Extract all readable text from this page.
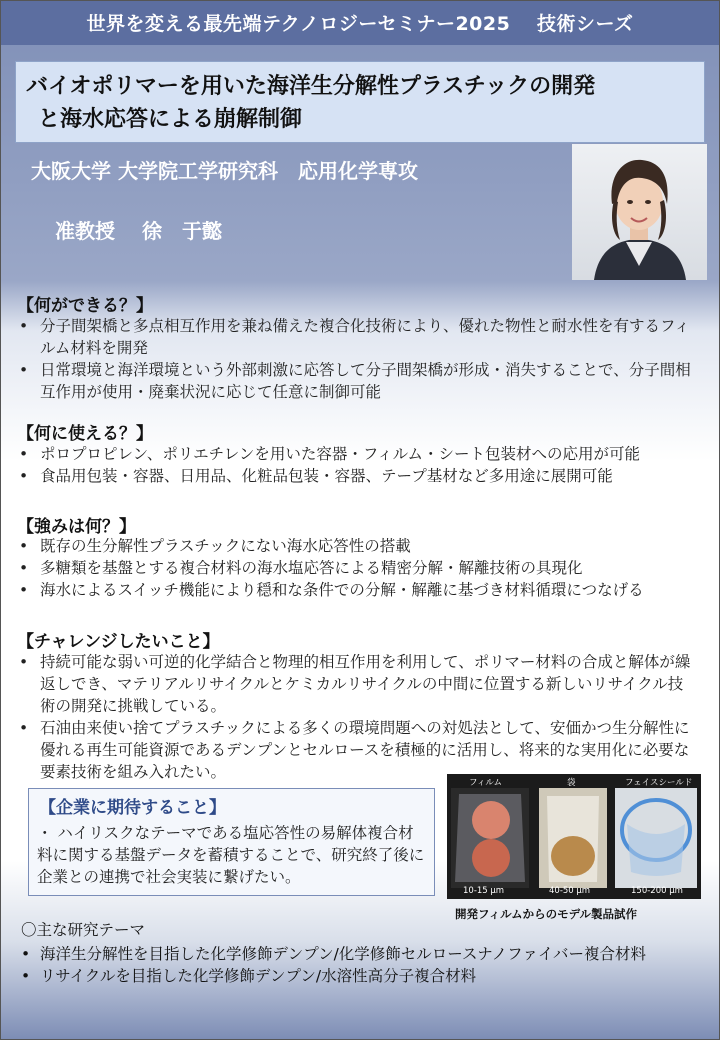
世界を変える最先端テクノロジーセミナー2025　 技術シーズ
バイオポリマーを用いた海洋生分解性プラスチックの開発
と海水応答による崩解制御
大阪大学 大学院工学研究科　応用化学専攻
准教授　 徐　于懿
【何ができる？】
• 分子間架橋と多点相互作用を兼ね備えた複合化技術により、優れた物性と耐水性を有するフィルム材料を開発
• 日常環境と海洋環境という外部刺激に応答して分子間架橋が形成・消失することで、分子間相互作用が使用・廃棄状況に応じて任意に制御可能
【何に使える？】
• ポロプロピレン、ポリエチレンを用いた容器・フィルム・シート包装材への応用が可能
• 食品用包装・容器、日用品、化粧品包装・容器、テープ基材など多用途に展開可能
【強みは何？】
• 既存の生分解性プラスチックにない海水応答性の搭載
• 多糖類を基盤とする複合材料の海水塩応答による精密分解・解離技術の具現化
• 海水によるスイッチ機能により穏和な条件での分解・解離に基づき材料循環につなげる
【チャレンジしたいこと】
• 持続可能な弱い可逆的化学結合と物理的相互作用を利用して、ポリマー材料の合成と解体が繰返しでき、マテリアルリサイクルとケミカルリサイクルの中間に位置する新しいリサイクル技術の開発に挑戦している。
• 石油由来使い捨てプラスチックによる多くの環境問題への対処法として、安価かつ生分解性に優れる再生可能資源であるデンプンとセルロースを積極的に活用し、将来的な実用化に必要な要素技術を組み入れたい。
【企業に期待すること】
・ ハイリスクなテーマである塩応答性の易解体複合材料に関する基盤データを蓄積することで、研究終了後に企業との連携で社会実装に繋げたい。
フィルム	袋	フェイスシールド
10-15 μm	40-50 μm	150-200 μm
開発フィルムからのモデル製品試作
〇主な研究テーマ
• 海洋生分解性を目指した化学修飾デンプン/化学修飾セルロースナノファイバー複合材料
• リサイクルを目指した化学修飾デンプン/水溶性高分子複合材料
